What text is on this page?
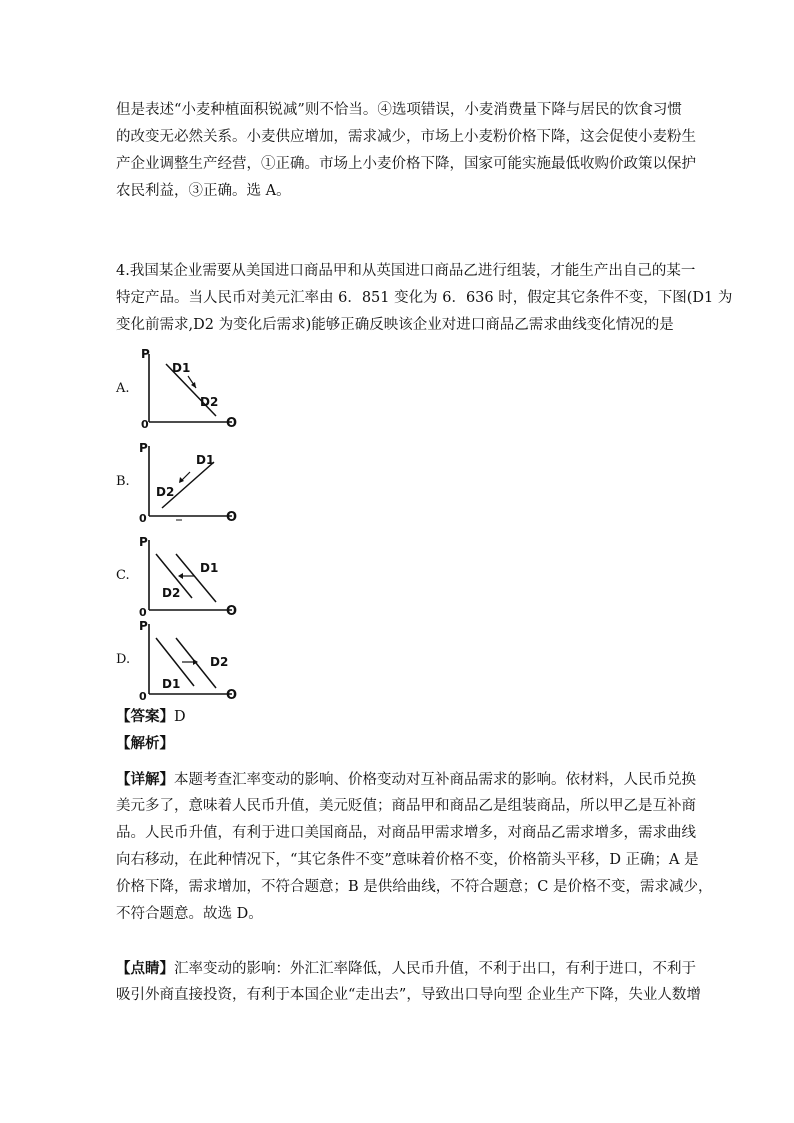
但是表述“小麦种植面积锐减”则不恰当。④选项错误，小麦消费量下降与居民的饮食习惯
的改变无必然关系。小麦供应增加，需求减少，市场上小麦粉价格下降，这会促使小麦粉生
产企业调整生产经营，①正确。市场上小麦价格下降，国家可能实施最低收购价政策以保护
农民利益，③正确。选 A。
4.我国某企业需要从美国进口商品甲和从英国进口商品乙进行组装，才能生产出自己的某一
特定产品。当人民币对美元汇率由 6．851 变化为 6．636 时，假定其它条件不变，下图(D1 为
变化前需求,D2 为变化后需求)能够正确反映该企业对进口商品乙需求曲线变化情况的是
A.
P
O
0
D1
D2
B.
P
O
0
D1
D2
C.
P
O
0
D1
D2
D.
P
O
0
D2
D1
【答案】D
【解析】
【详解】本题考查汇率变动的影响、价格变动对互补商品需求的影响。依材料，人民币兑换
美元多了，意味着人民币升值，美元贬值；商品甲和商品乙是组装商品，所以甲乙是互补商
品。人民币升值，有利于进口美国商品，对商品甲需求增多，对商品乙需求增多，需求曲线
向右移动，在此种情况下，“其它条件不变”意味着价格不变，价格箭头平移，D 正确；A 是
价格下降，需求增加，不符合题意；B 是供给曲线，不符合题意；C 是价格不变，需求减少，
不符合题意。故选 D。
【点睛】汇率变动的影响：外汇汇率降低，人民币升值，不利于出口，有利于进口，不利于
吸引外商直接投资，有利于本国企业“走出去”，导致出口导向型 企业生产下降，失业人数增
